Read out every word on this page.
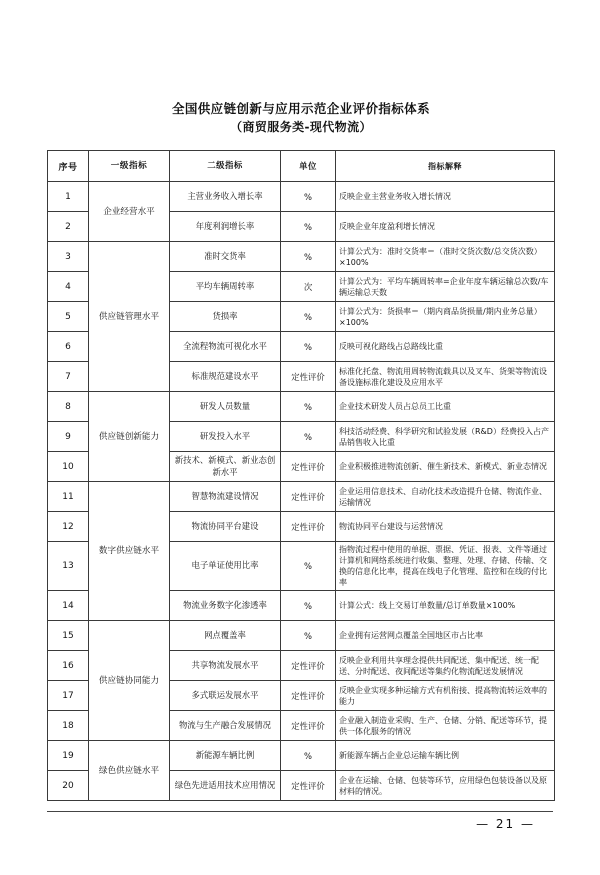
全国供应链创新与应用示范企业评价指标体系
（商贸服务类-现代物流）
序号	一级指标	二级指标	单位	指标解释
1	企业经营水平	主营业务收入增长率	%	反映企业主营业务收入增长情况
2		年度利润增长率	%	反映企业年度盈利增长情况
3	供应链管理水平	准时交货率	%	计算公式为：准时交货率＝（准时交货次数/总交货次数）×100%
4		平均车辆周转率	次	计算公式为：平均车辆周转率=企业年度车辆运输总次数/车辆运输总天数
5		货损率	%	计算公式为：货损率＝（期内商品货损量/期内业务总量）×100%
6		全流程物流可视化水平	%	反映可视化路线占总路线比重
7		标准规范建设水平	定性评价	标准化托盘、物流用周转物流载具以及叉车、货架等物流设备设施标准化建设及应用水平
8	供应链创新能力	研发人员数量	%	企业技术研发人员占总员工比重
9		研发投入水平	%	科技活动经费、科学研究和试验发展（R&D）经费投入占产品销售收入比重
10		新技术、新模式、新业态创新水平	定性评价	企业积极推进物流创新、催生新技术、新模式、新业态情况
11	数字供应链水平	智慧物流建设情况	定性评价	企业运用信息技术、自动化技术改造提升仓储、物流作业、运输情况
12		物流协同平台建设	定性评价	物流协同平台建设与运营情况
13		电子单证使用比率	%	指物流过程中使用的单据、票据、凭证、报表、文件等通过计算机和网络系统进行收集、整理、处理、存储、传输、交换的信息化比率，提高在线电子化管理、监控和在线的付比率
14		物流业务数字化渗透率	%	计算公式：线上交易订单数量/总订单数量×100%
15	供应链协同能力	网点覆盖率	%	企业拥有运营网点覆盖全国地区市占比率
16		共享物流发展水平	定性评价	反映企业利用共享理念提供共同配送、集中配送、统一配送、分时配送、夜间配送等集约化物流配送发展情况
17		多式联运发展水平	定性评价	反映企业实现多种运输方式有机衔接、提高物流转运效率的能力
18		物流与生产融合发展情况	定性评价	企业融入制造业采购、生产、仓储、分销、配送等环节，提供一体化服务的情况
19	绿色供应链水平	新能源车辆比例	%	新能源车辆占企业总运输车辆比例
20		绿色先进适用技术应用情况	定性评价	企业在运输、仓储、包装等环节，应用绿色包装设备以及原材料的情况。
— 21 —
